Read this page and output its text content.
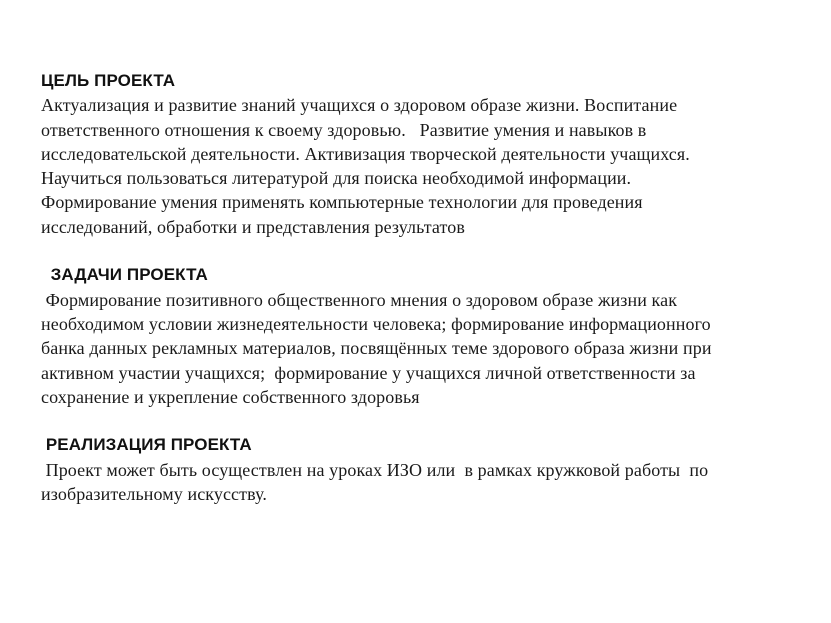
ЦЕЛЬ ПРОЕКТА
Актуализация и развитие знаний учащихся о здоровом образе жизни. Воспитание
ответственного отношения к своему здоровью.   Развитие умения и навыков в
исследовательской деятельности. Активизация творческой деятельности учащихся.
Научиться пользоваться литературой для поиска необходимой информации.
Формирование умения применять компьютерные технологии для проведения
исследований, обработки и представления результатов
ЗАДАЧИ ПРОЕКТА
Формирование позитивного общественного мнения о здоровом образе жизни как
необходимом условии жизнедеятельности человека; формирование информационного
банка данных рекламных материалов, посвящённых теме здорового образа жизни при
активном участии учащихся;  формирование у учащихся личной ответственности за
сохранение и укрепление собственного здоровья
РЕАЛИЗАЦИЯ ПРОЕКТА
Проект может быть осуществлен на уроках ИЗО или  в рамках кружковой работы  по
изобразительному искусству.
